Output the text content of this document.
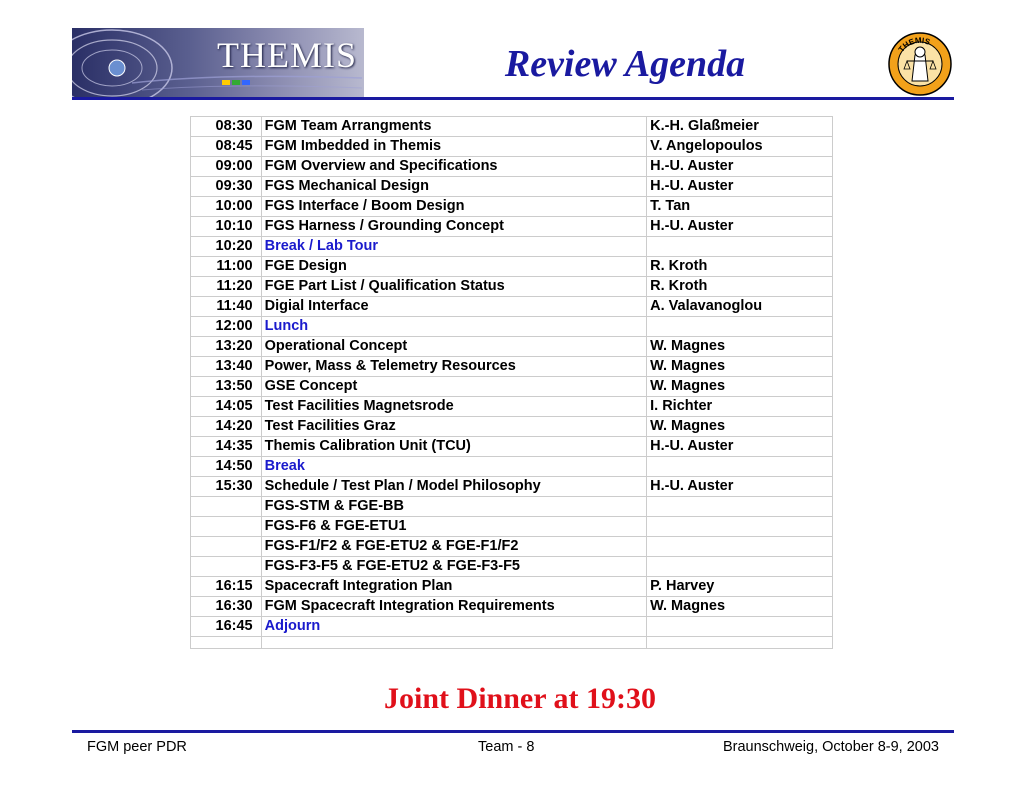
THEMIS	Review Agenda	THEMIS
08:30	FGM Team Arrangments	K.-H. Glaßmeier
08:45	FGM Imbedded in Themis	V. Angelopoulos
09:00	FGM Overview and Specifications	H.-U. Auster
09:30	FGS Mechanical Design	H.-U. Auster
10:00	FGS Interface / Boom Design	T. Tan
10:10	FGS Harness / Grounding Concept	H.-U. Auster
10:20	Break / Lab Tour	
11:00	FGE Design	R. Kroth
11:20	FGE Part List / Qualification Status	R. Kroth
11:40	Digial Interface	A. Valavanoglou
12:00	Lunch	
13:20	Operational Concept	W. Magnes
13:40	Power, Mass & Telemetry Resources	W. Magnes
13:50	GSE Concept	W. Magnes
14:05	Test Facilities Magnetsrode	I. Richter
14:20	Test Facilities Graz	W. Magnes
14:35	Themis Calibration Unit (TCU)	H.-U. Auster
14:50	Break	
15:30	Schedule / Test Plan / Model Philosophy	H.-U. Auster
	FGS-STM & FGE-BB	
	FGS-F6 & FGE-ETU1	
	FGS-F1/F2 & FGE-ETU2 & FGE-F1/F2	
	FGS-F3-F5 & FGE-ETU2 & FGE-F3-F5	
16:15	Spacecraft Integration Plan	P. Harvey
16:30	FGM Spacecraft Integration Requirements	W. Magnes
16:45	Adjourn	

Joint Dinner at 19:30
FGM peer PDR	Team - 8	Braunschweig, October 8-9, 2003
